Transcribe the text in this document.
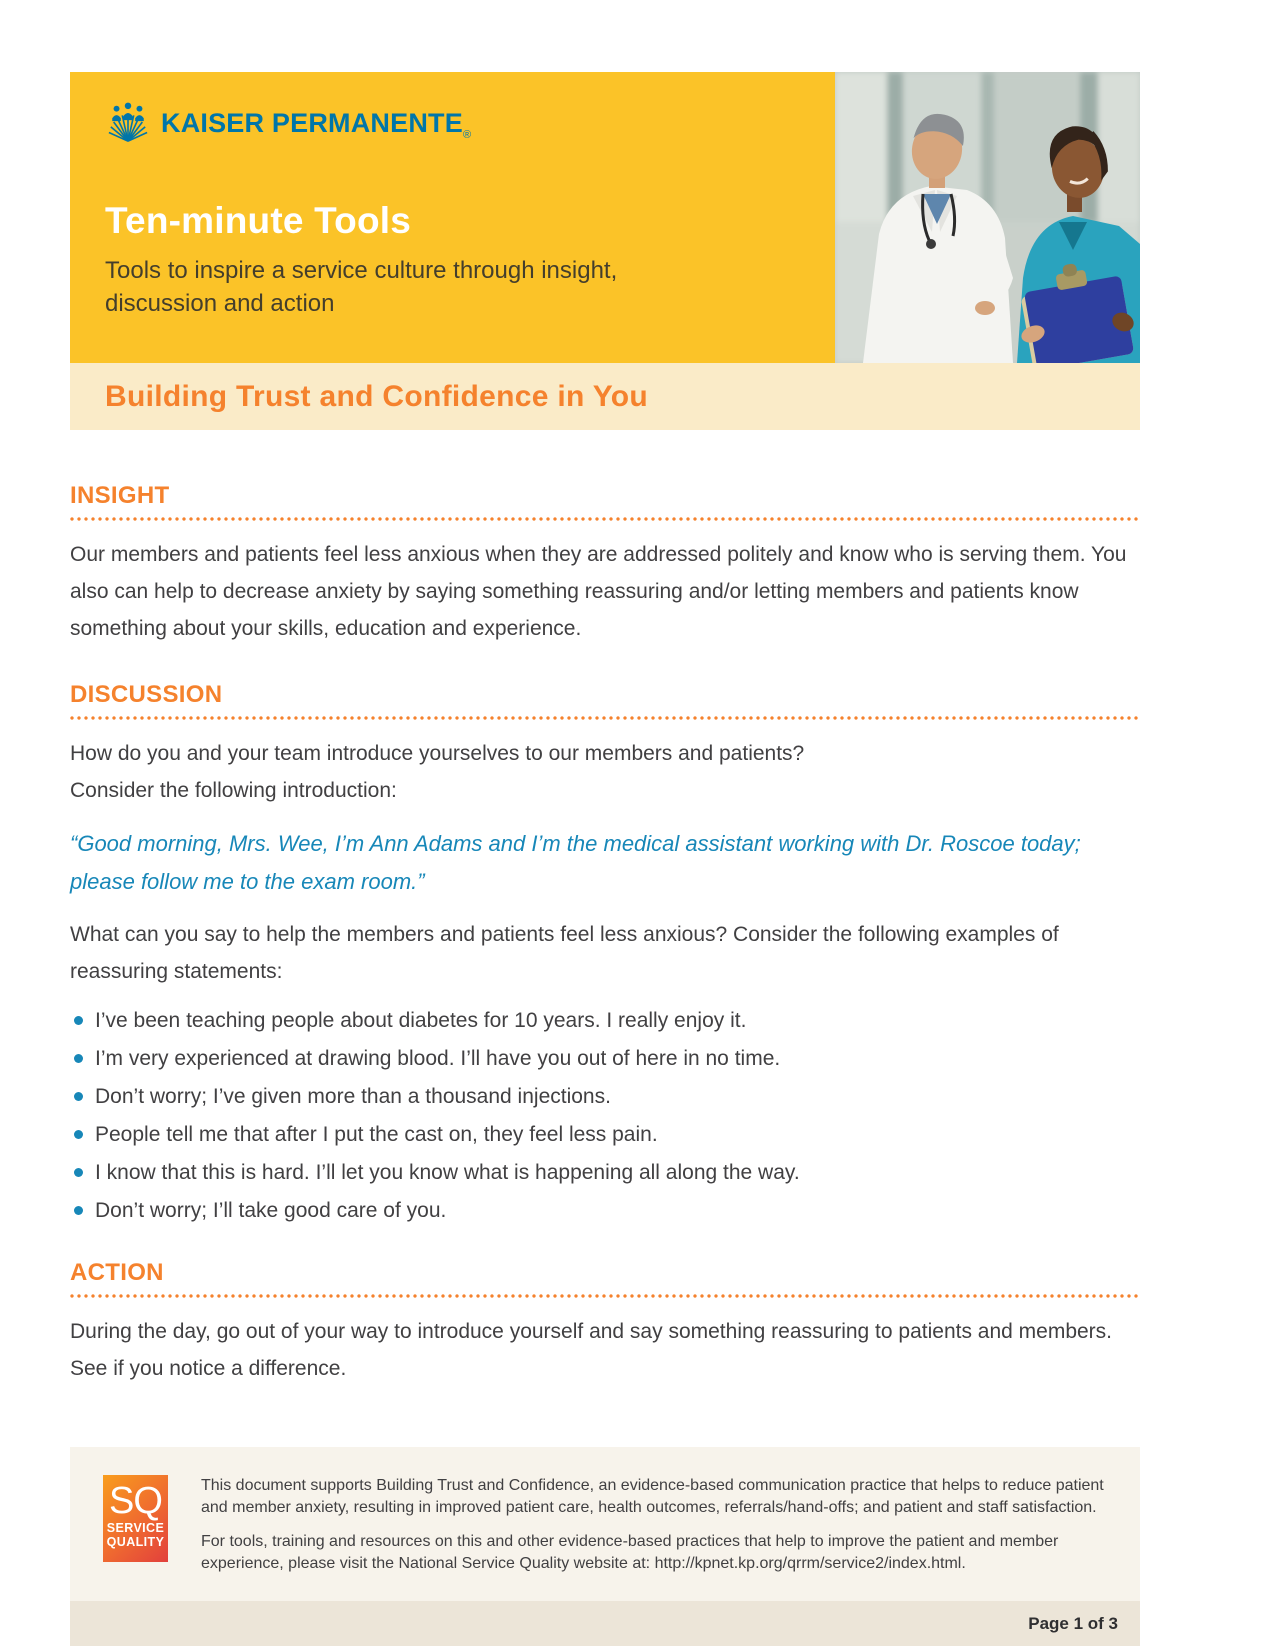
KAISER $PERMANENTE_®$
Ten-minute Tools
Tools to inspire a service culture through insight, discussion and action
Building Trust and Confidence in You
INSIGHT

Our members and patients feel less anxious when they are addressed politely and know who is serving them. You also can help to decrease anxiety by saying something reassuring and/or letting members and patients know something about your skills, education and experience.

DISCUSSION

How do you and your team introduce yourselves to our members and patients?

Consider the following introduction:

“Good morning, Mrs. Wee, I’m Ann Adams and I’m the medical assistant working with Dr. Roscoe today; please follow me to the exam room.”

What can you say to help the members and patients feel less anxious? Consider the following examples of reassuring statements:

I’ve been teaching people about diabetes for 10 years. I really enjoy it.
I’m very experienced at drawing blood. I’ll have you out of here in no time.
Don’t worry; I’ve given more than a thousand injections.
People tell me that after I put the cast on, they feel less pain.
I know that this is hard. I’ll let you know what is happening all along the way.
Don’t worry; I’ll take good care of you.
ACTION

During the day, go out of your way to introduce yourself and say something reassuring to patients and members. See if you notice a difference.

SQ
SERVICE
QUALITY

This document supports Building Trust and Confidence, an evidence-based communication practice that helps to reduce patient and member anxiety, resulting in improved patient care, health outcomes, referrals/hand-offs; and patient and staff satisfaction.

For tools, training and resources on this and other evidence-based practices that help to improve the patient and member experience, please visit the National Service Quality website at: http://kpnet.kp.org/qrrm/service2/index.html.

Page 1 of 3
